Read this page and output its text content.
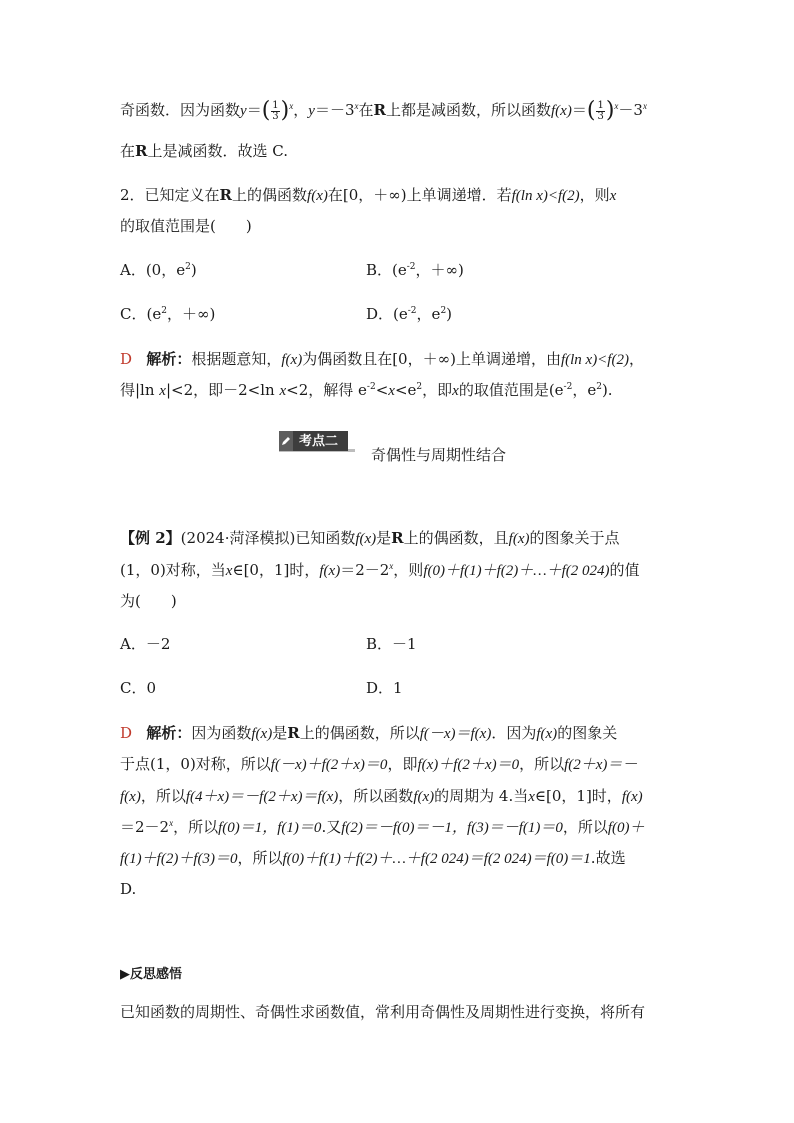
奇函数．因为函数$y=( \frac{1}{3} )^x$，$y=-3^x$在R上都是减函数，所以函数$f(x)=( \frac{1}{3} )^x-3^x$
在R上是减函数．故选 C.
2．已知定义在R上的偶函数f(x)在[0，＋∞)上单调递增．若f(ln x)<f(2)，则x
的取值范围是(　　)
A．(0，$e^2$)	B．($e^{-2}$，＋∞)
C．($e^2$，＋∞)	D．($e^{-2}$，$e^2$)
D 解析：根据题意知，f(x)为偶函数且在[0，＋∞)上单调递增，由f(ln x)<f(2)，
得|ln x|<2，即－2<ln x<2，解得 $e^{-2}<x<e^2$，即x的取值范围是($e^{-2}$，$e^2$).
考点二
奇偶性与周期性结合
【例 2】(2024·菏泽模拟)已知函数f(x)是R上的偶函数，且f(x)的图象关于点
(1，0)对称，当x∈[0，1]时，$f(x)=2-2^x$，则f(0)＋f(1)＋f(2)＋…＋f(2 024)的值
为(　　)
A．－2	B．－1
C．0	D．1
D 解析：因为函数f(x)是R上的偶函数，所以f(－x)＝f(x)．因为f(x)的图象关
于点(1，0)对称，所以f(－x)＋f(2＋x)＝0，即f(x)＋f(2＋x)＝0，所以f(2＋x)＝－
f(x)，所以f(4＋x)＝－f(2＋x)＝f(x)，所以函数f(x)的周期为 4.当x∈[0，1]时，f(x)
$=2-2^x$，所以f(0)＝1，f(1)＝0.又f(2)＝－f(0)＝－1，f(3)＝－f(1)＝0，所以f(0)＋
f(1)＋f(2)＋f(3)＝0，所以f(0)＋f(1)＋f(2)＋…＋f(2 024)＝f(2 024)＝f(0)＝1.故选
D.
▶反思感悟
已知函数的周期性、奇偶性求函数值，常利用奇偶性及周期性进行变换，将所有
